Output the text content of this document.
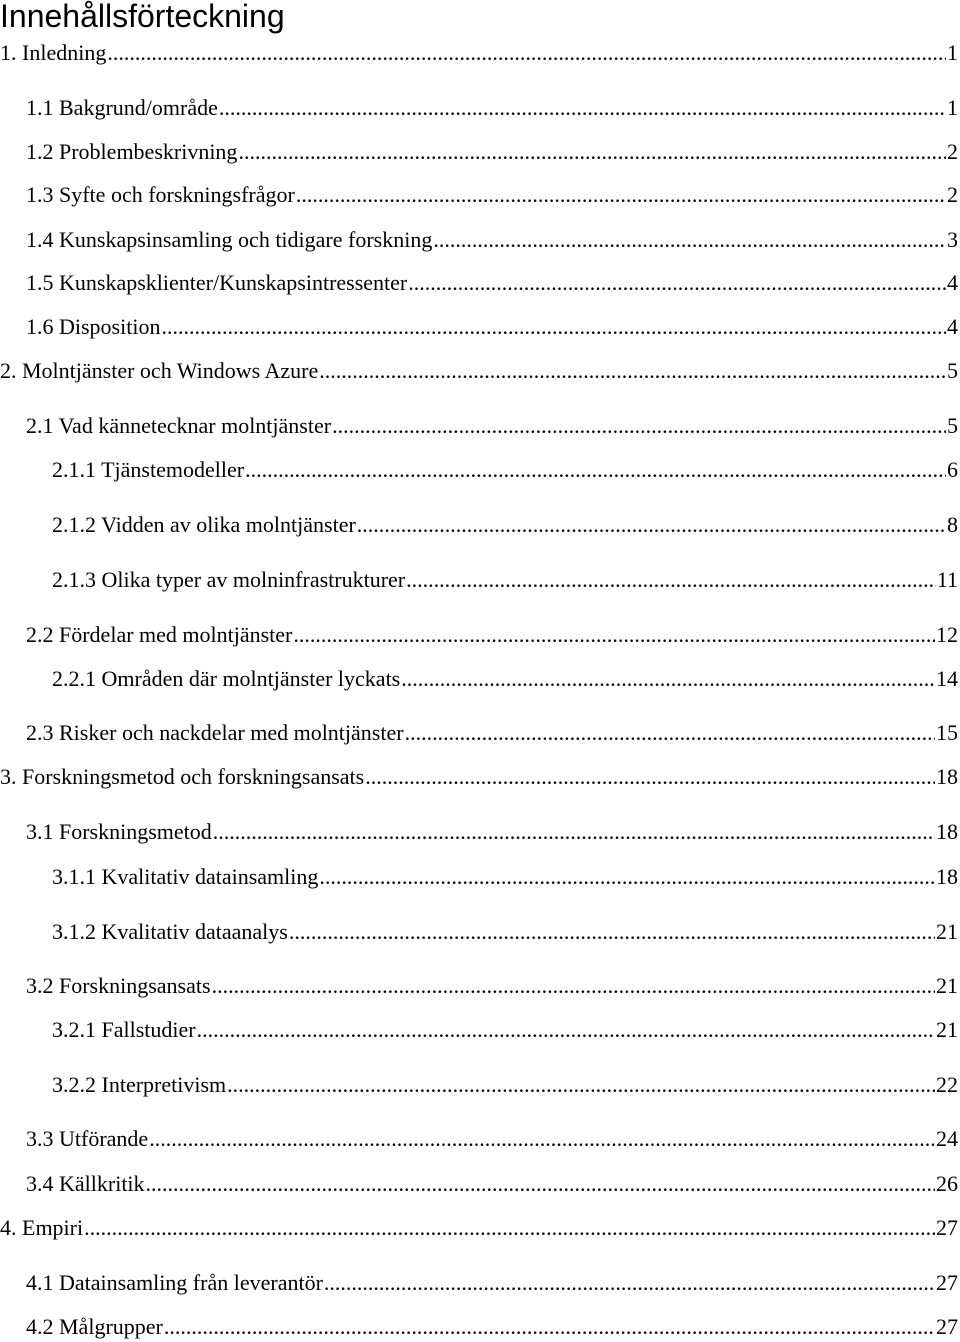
Innehållsförteckning
1. Inledning .....	1
1.1 Bakgrund/område .....	1
1.2 Problembeskrivning .....	2
1.3 Syfte och forskningsfrågor .....	2
1.4 Kunskapsinsamling och tidigare forskning .....	3
1.5 Kunskapsklienter/Kunskapsintressenter .....	4
1.6 Disposition .....	4
2. Molntjänster och Windows Azure .....	5
2.1 Vad kännetecknar molntjänster .....	5
2.1.1 Tjänstemodeller .....	6
2.1.2 Vidden av olika molntjänster .....	8
2.1.3 Olika typer av molninfrastrukturer .....	11
2.2 Fördelar med molntjänster .....	12
2.2.1 Områden där molntjänster lyckats .....	14
2.3 Risker och nackdelar med molntjänster .....	15
3. Forskningsmetod och forskningsansats .....	18
3.1 Forskningsmetod .....	18
3.1.1 Kvalitativ datainsamling .....	18
3.1.2 Kvalitativ dataanalys .....	21
3.2 Forskningsansats .....	21
3.2.1 Fallstudier .....	21
3.2.2 Interpretivism .....	22
3.3 Utförande .....	24
3.4 Källkritik .....	26
4. Empiri .....	27
4.1 Datainsamling från leverantör .....	27
4.2 Målgrupper .....	27
